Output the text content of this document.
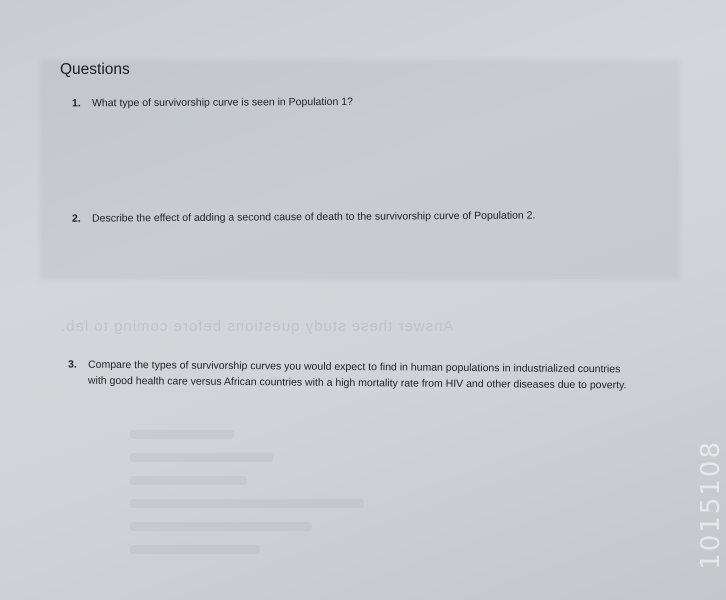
Answer these study questions before coming to lab.
1015108
Questions
1. What type of survivorship curve is seen in Population 1?
2. Describe the effect of adding a second cause of death to the survivorship curve of Population 2.
3. Compare the types of survivorship curves you would expect to find in human populations in industrialized countries with good health care versus African countries with a high mortality rate from HIV and other diseases due to poverty.
